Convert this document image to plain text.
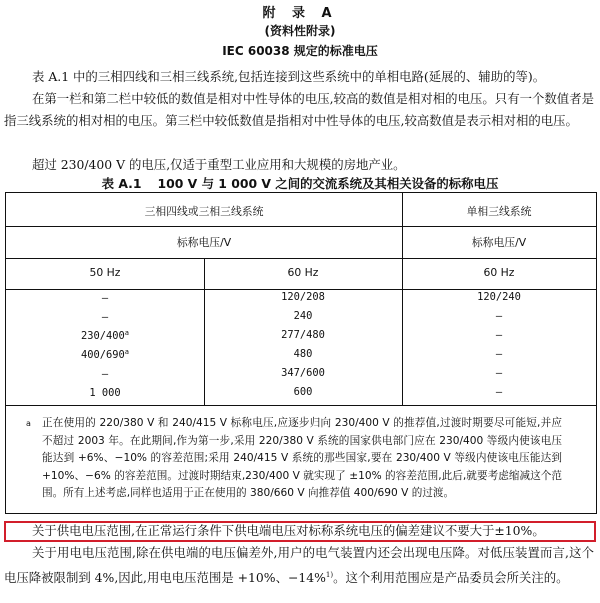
附 录 A
(资料性附录)
IEC 60038 规定的标准电压
表 A.1 中的三相四线和三相三线系统,包括连接到这些系统中的单相电路(延展的、辅助的等)。
在第一栏和第二栏中较低的数值是相对中性导体的电压,较高的数值是相对相的电压。只有一个数值者是指三线系统的相对相的电压。第三栏中较低数值是指相对中性导体的电压,较高数值是表示相对相的电压。
超过 230/400 V 的电压,仅适于重型工业应用和大规模的房地产业。
表 A.1 100 V 与 1 000 V 之间的交流系统及其相关设备的标称电压
三相四线或三相三线系统	单相三线系统
标称电压/V	标称电压/V
50 Hz	60 Hz	60 Hz
—	120/208	120/240
—	240	—
230/400$^a$	277/480	—
400/690$^a$	480	—
—	347/600	—
1 000	600	—
a 正在使用的 220/380 V 和 240/415 V 标称电压,应逐步归向 230/400 V 的推荐值,过渡时期要尽可能短,并应不超过 2003 年。在此期间,作为第一步,采用 220/380 V 系统的国家供电部门应在 230/400 等级内使该电压能达到 +6%、−10% 的容差范围;采用 240/415 V 系统的那些国家,要在 230/400 V 等级内使该电压能达到 +10%、−6% 的容差范围。过渡时期结束,230/400 V 就实现了 ±10% 的容差范围,此后,就要考虑缩减这个范围。所有上述考虑,同样也适用于正在使用的 380/660 V 向推荐值 400/690 V 的过渡。
关于供电电压范围,在正常运行条件下供电端电压对标称系统电压的偏差建议不要大于±10%。
关于用电电压范围,除在供电端的电压偏差外,用户的电气装置内还会出现电压降。对低压装置而言,这个电压降被限制到 4%,因此,用电电压范围是 +10%、−14%$^{1)}$。这个利用范围应是产品委员会所关注的。
